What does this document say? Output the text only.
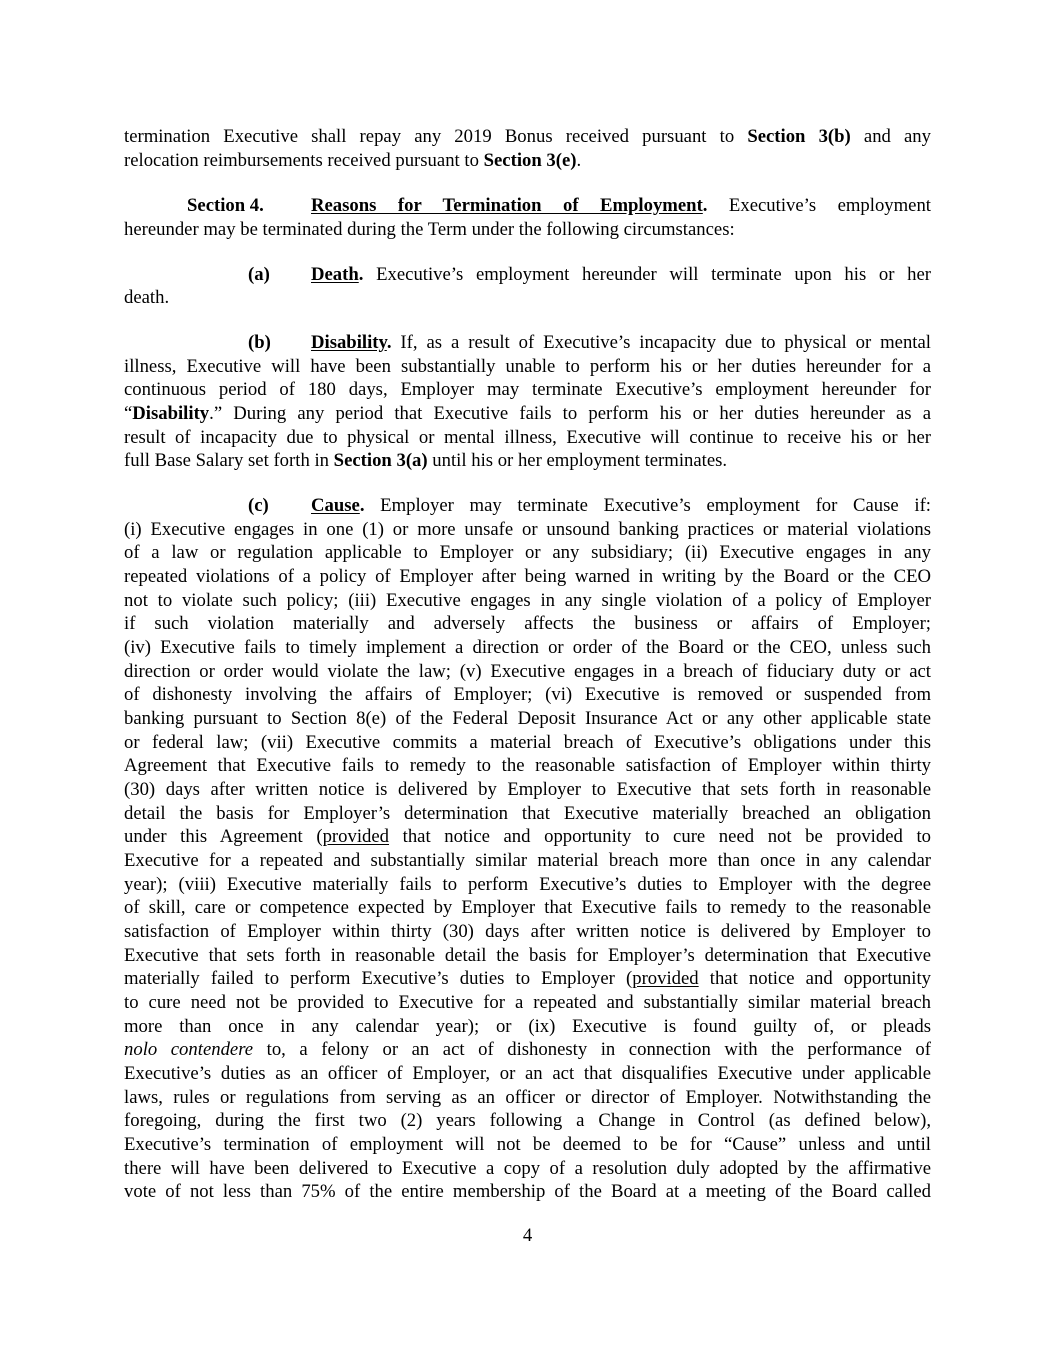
termination Executive shall repay any 2019 Bonus received pursuant to Section 3(b) and any
relocation reimbursements received pursuant to Section 3(e).
Section 4.	Reasons for Termination of Employment. Executive’s employment
hereunder may be terminated during the Term under the following circumstances:
(a) Death. Executive’s employment hereunder will terminate upon his or her
death.
(b) Disability. If, as a result of Executive’s incapacity due to physical or mental
illness, Executive will have been substantially unable to perform his or her duties hereunder for a
continuous period of 180 days, Employer may terminate Executive’s employment hereunder for
“Disability.” During any period that Executive fails to perform his or her duties hereunder as a
result of incapacity due to physical or mental illness, Executive will continue to receive his or her
full Base Salary set forth in Section 3(a) until his or her employment terminates.
(c) Cause. Employer may terminate Executive’s employment for Cause if:
(i) Executive engages in one (1) or more unsafe or unsound banking practices or material violations
of a law or regulation applicable to Employer or any subsidiary; (ii) Executive engages in any
repeated violations of a policy of Employer after being warned in writing by the Board or the CEO
not to violate such policy; (iii) Executive engages in any single violation of a policy of Employer
if such violation materially and adversely affects the business or affairs of Employer;
(iv) Executive fails to timely implement a direction or order of the Board or the CEO, unless such
direction or order would violate the law; (v) Executive engages in a breach of fiduciary duty or act
of dishonesty involving the affairs of Employer; (vi) Executive is removed or suspended from
banking pursuant to Section 8(e) of the Federal Deposit Insurance Act or any other applicable state
or federal law; (vii) Executive commits a material breach of Executive’s obligations under this
Agreement that Executive fails to remedy to the reasonable satisfaction of Employer within thirty
(30) days after written notice is delivered by Employer to Executive that sets forth in reasonable
detail the basis for Employer’s determination that Executive materially breached an obligation
under this Agreement (provided that notice and opportunity to cure need not be provided to
Executive for a repeated and substantially similar material breach more than once in any calendar
year); (viii) Executive materially fails to perform Executive’s duties to Employer with the degree
of skill, care or competence expected by Employer that Executive fails to remedy to the reasonable
satisfaction of Employer within thirty (30) days after written notice is delivered by Employer to
Executive that sets forth in reasonable detail the basis for Employer’s determination that Executive
materially failed to perform Executive’s duties to Employer (provided that notice and opportunity
to cure need not be provided to Executive for a repeated and substantially similar material breach
more than once in any calendar year); or (ix) Executive is found guilty of, or pleads
nolo contendere to, a felony or an act of dishonesty in connection with the performance of
Executive’s duties as an officer of Employer, or an act that disqualifies Executive under applicable
laws, rules or regulations from serving as an officer or director of Employer. Notwithstanding the
foregoing, during the first two (2) years following a Change in Control (as defined below),
Executive’s termination of employment will not be deemed to be for “Cause” unless and until
there will have been delivered to Executive a copy of a resolution duly adopted by the affirmative
vote of not less than 75% of the entire membership of the Board at a meeting of the Board called
4
